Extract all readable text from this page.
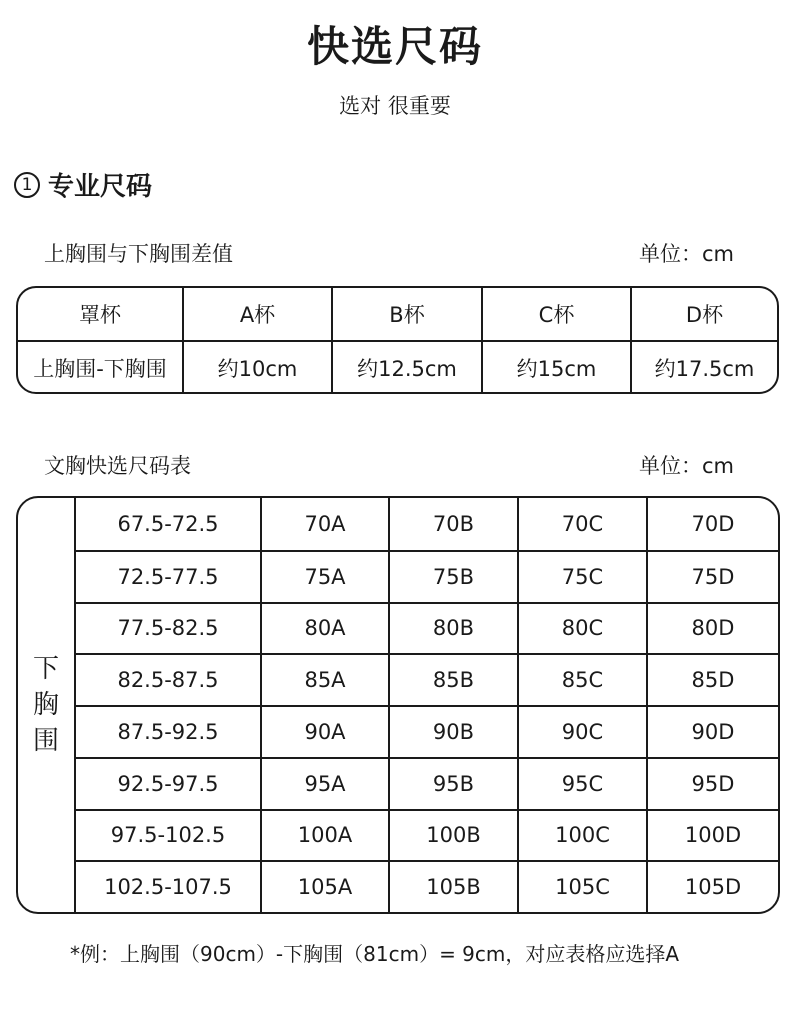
快选尺码
选对 很重要
1 专业尺码
上胸围与下胸围差值	单位：cm
罩杯	A杯	B杯	C杯	D杯
上胸围-下胸围	约10cm	约12.5cm	约15cm	约17.5cm
文胸快选尺码表	单位：cm
下
胸
围
67.5-72.5	70A	70B	70C	70D
72.5-77.5	75A	75B	75C	75D
77.5-82.5	80A	80B	80C	80D
82.5-87.5	85A	85B	85C	85D
87.5-92.5	90A	90B	90C	90D
92.5-97.5	95A	95B	95C	95D
97.5-102.5	100A	100B	100C	100D
102.5-107.5	105A	105B	105C	105D
*例：上胸围（90cm）-下胸围（81cm）= 9cm，对应表格应选择A
